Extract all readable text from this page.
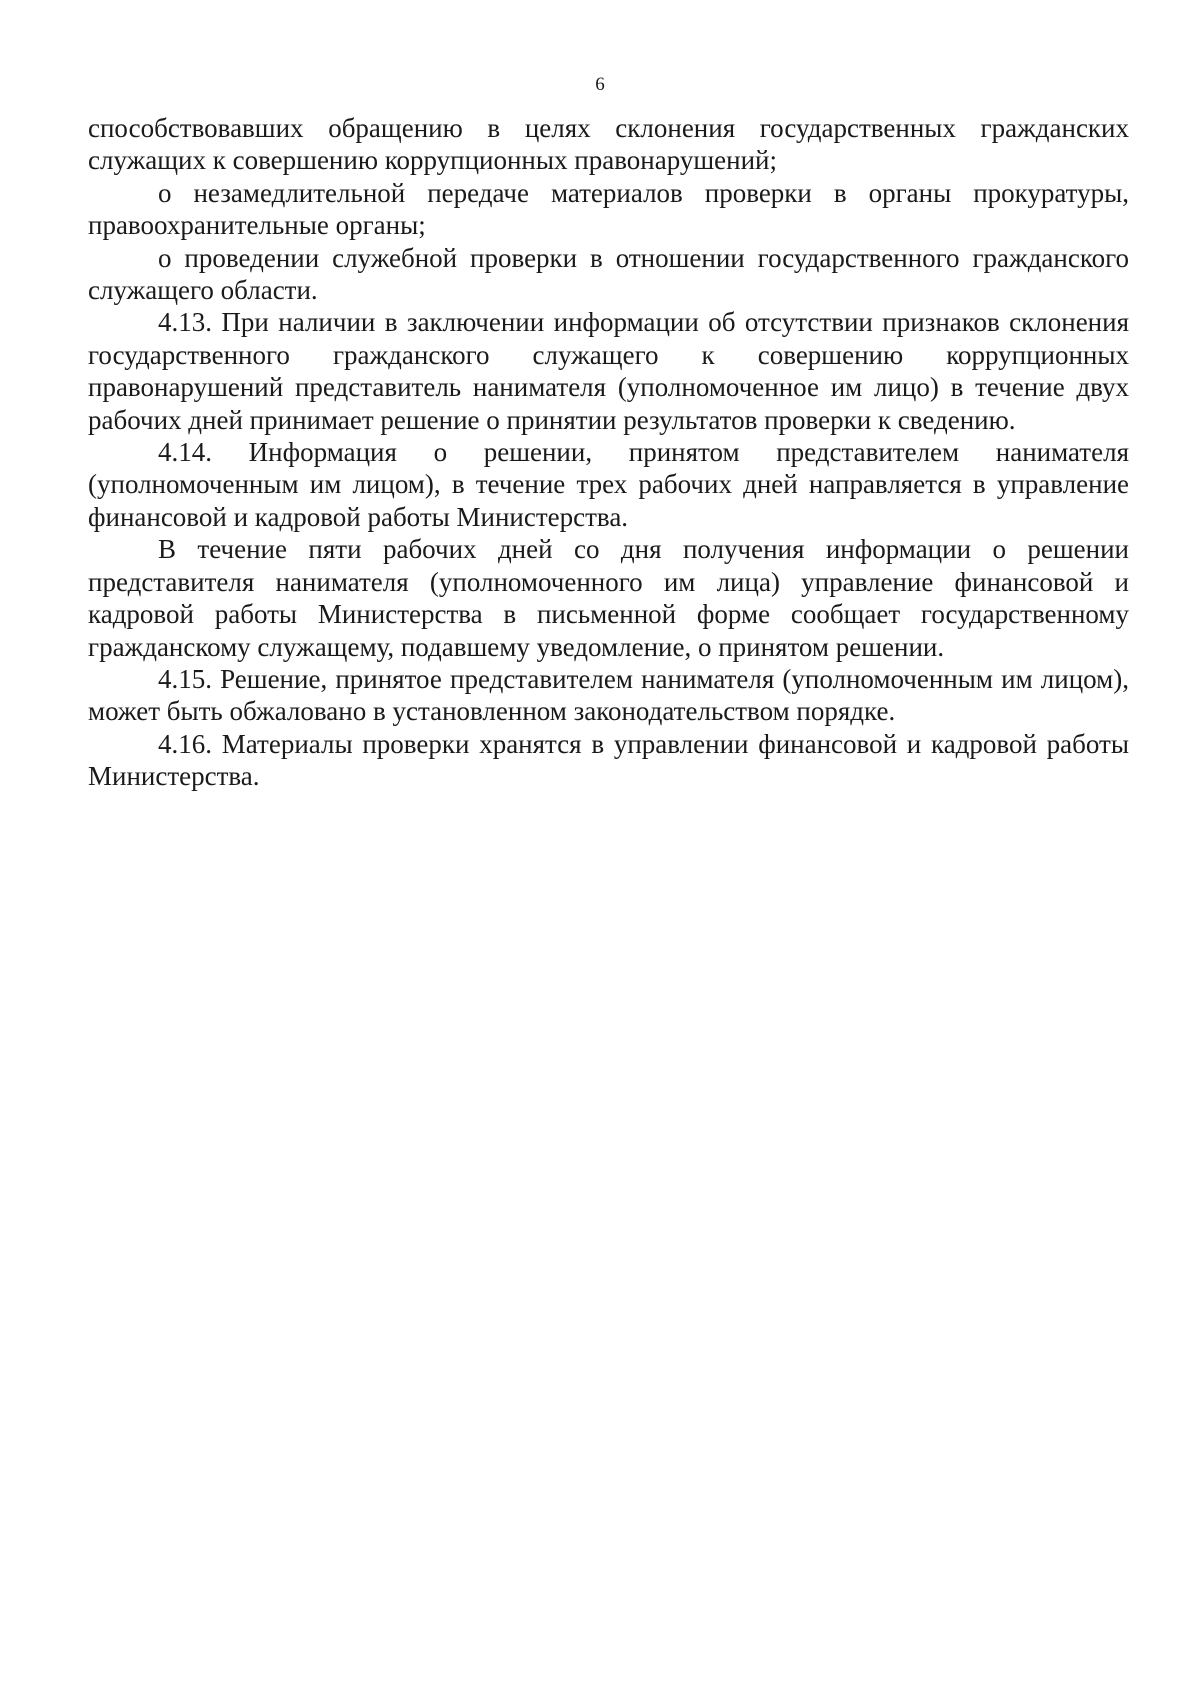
6

способствовавших обращению в целях склонения государственных гражданских служащих к совершению коррупционных правонарушений;

о незамедлительной передаче материалов проверки в органы прокуратуры, правоохранительные органы;

о проведении служебной проверки в отношении государственного гражданского служащего области.

4.13. При наличии в заключении информации об отсутствии признаков склонения государственного гражданского служащего к совершению коррупционных правонарушений представитель нанимателя (уполномоченное им лицо) в течение двух рабочих дней принимает решение о принятии результатов проверки к сведению.

4.14. Информация о решении, принятом представителем нанимателя (уполномоченным им лицом), в течение трех рабочих дней направляется в управление финансовой и кадровой работы Министерства.

В течение пяти рабочих дней со дня получения информации о решении представителя нанимателя (уполномоченного им лица) управление финансовой и кадровой работы Министерства в письменной форме сообщает государственному гражданскому служащему, подавшему уведомление, о принятом решении.

4.15. Решение, принятое представителем нанимателя (уполномоченным им лицом), может быть обжаловано в установленном законодательством порядке.

4.16. Материалы проверки хранятся в управлении финансовой и кадровой работы Министерства.
